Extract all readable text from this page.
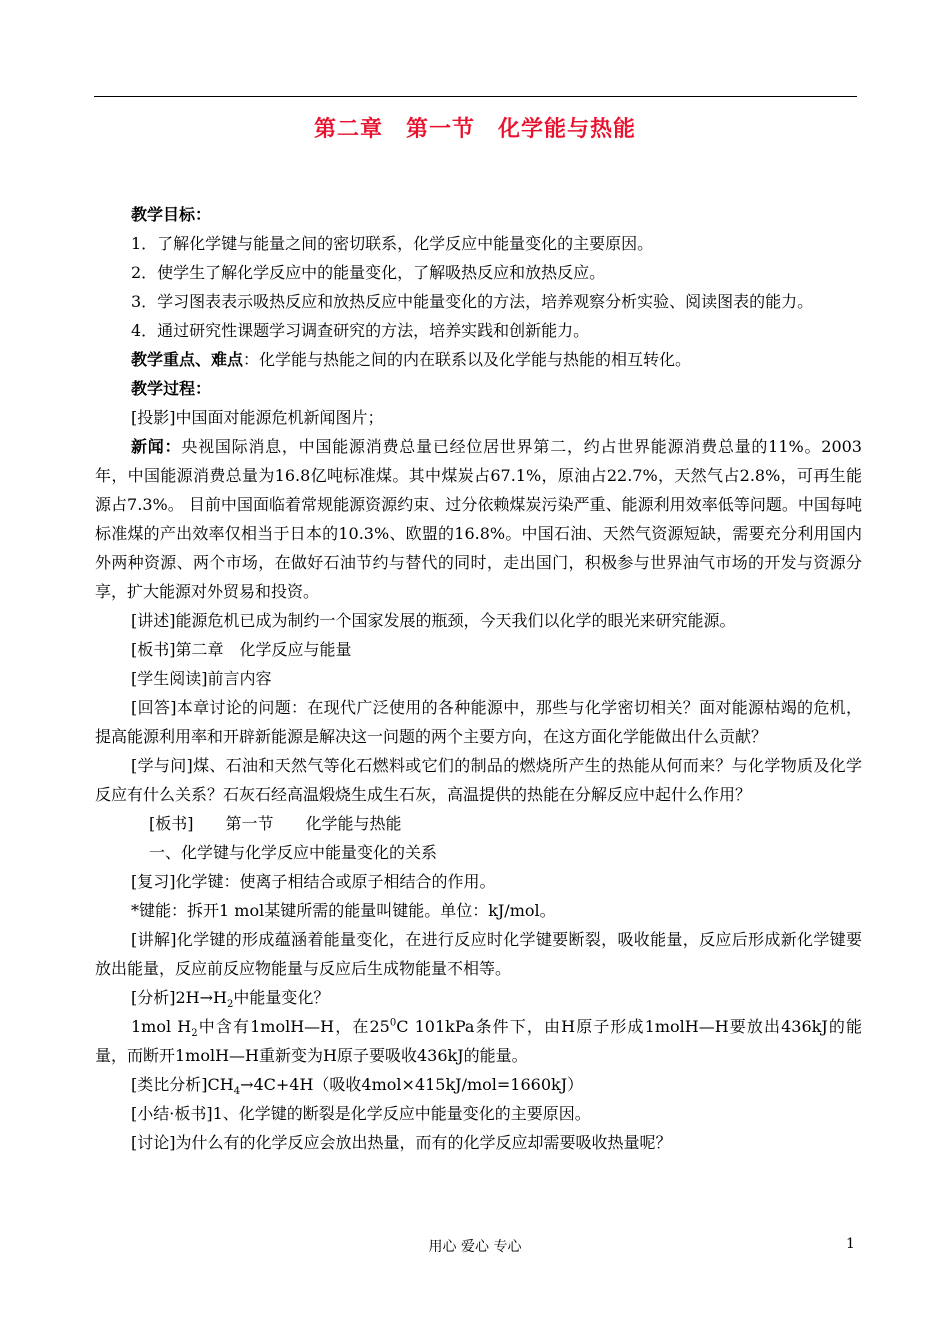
第二章　第一节　化学能与热能

教学目标：

1．了解化学键与能量之间的密切联系，化学反应中能量变化的主要原因。

2．使学生了解化学反应中的能量变化，了解吸热反应和放热反应。

3．学习图表表示吸热反应和放热反应中能量变化的方法，培养观察分析实验、阅读图表的能力。

4．通过研究性课题学习调查研究的方法，培养实践和创新能力。

教学重点、难点：化学能与热能之间的内在联系以及化学能与热能的相互转化。

教学过程：

[投影]中国面对能源危机新闻图片；

新闻：央视国际消息，中国能源消费总量已经位居世界第二，约占世界能源消费总量的11%。2003年，中国能源消费总量为16.8亿吨标准煤。其中煤炭占67.1%，原油占22.7%，天然气占2.8%，可再生能源占7.3%。 目前中国面临着常规能源资源约束、过分依赖煤炭污染严重、能源利用效率低等问题。中国每吨标准煤的产出效率仅相当于日本的10.3%、欧盟的16.8%。中国石油、天然气资源短缺，需要充分利用国内外两种资源、两个市场，在做好石油节约与替代的同时，走出国门，积极参与世界油气市场的开发与资源分享，扩大能源对外贸易和投资。

[讲述]能源危机已成为制约一个国家发展的瓶颈，今天我们以化学的眼光来研究能源。

[板书]第二章　化学反应与能量

[学生阅读]前言内容

[回答]本章讨论的问题：在现代广泛使用的各种能源中，那些与化学密切相关？面对能源枯竭的危机，提高能源利用率和开辟新能源是解决这一问题的两个主要方向，在这方面化学能做出什么贡献？

[学与问]煤、石油和天然气等化石燃料或它们的制品的燃烧所产生的热能从何而来？与化学物质及化学反应有什么关系？石灰石经高温煅烧生成生石灰，高温提供的热能在分解反应中起什么作用？

[板书]　　第一节　　化学能与热能

一、化学键与化学反应中能量变化的关系

[复习]化学键：使离子相结合或原子相结合的作用。

*键能：拆开1 mol某键所需的能量叫键能。单位：kJ/mol。

[讲解]化学键的形成蕴涵着能量变化，在进行反应时化学键要断裂，吸收能量，反应后形成新化学键要放出能量，反应前反应物能量与反应后生成物能量不相等。

[分析]$2H\to H_2$中能量变化？

1mol $H_2$中含有1molH—H，在$25^0C$ 101kPa条件下，由H原子形成1molH—H要放出436kJ的能量，而断开1molH—H重新变为H原子要吸收436kJ的能量。

[类比分析]$CH_4\to 4C+4H$（吸收4mol×415kJ/mol=1660kJ）

[小结·板书]1、化学键的断裂是化学反应中能量变化的主要原因。

[讨论]为什么有的化学反应会放出热量，而有的化学反应却需要吸收热量呢？

用心 爱心 专心	1
